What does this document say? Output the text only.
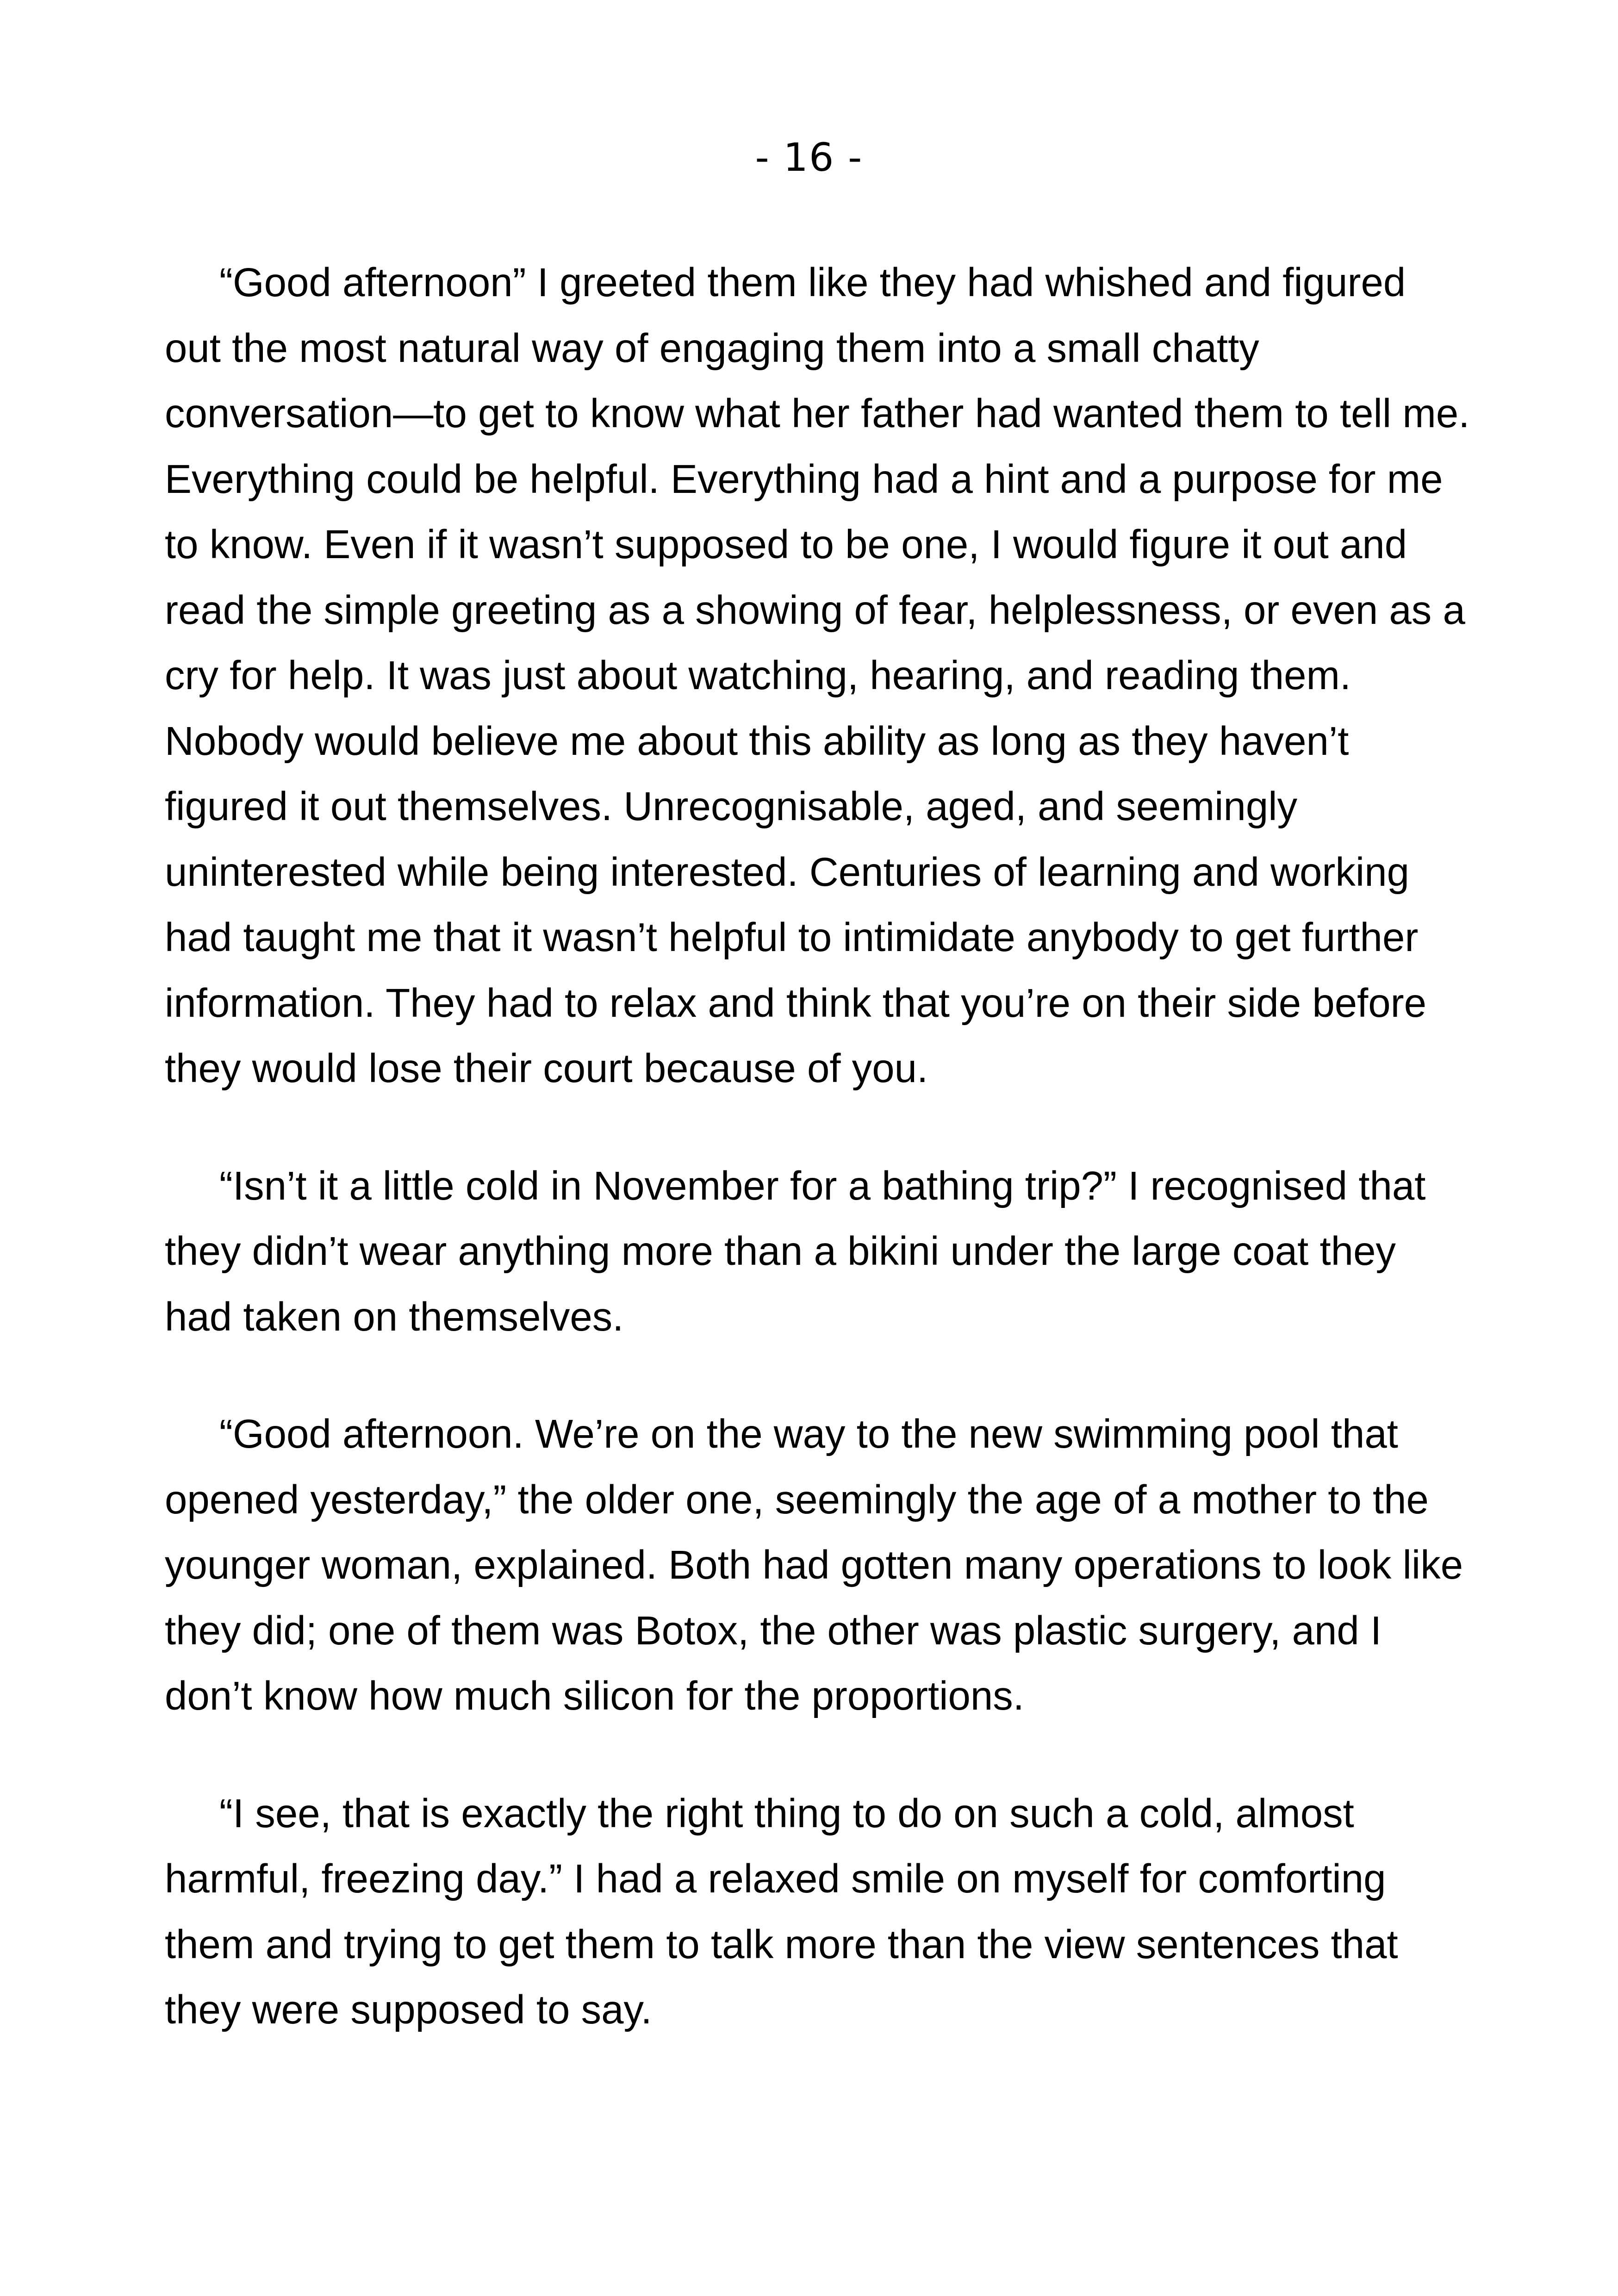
- 16 -

“Good afternoon” I greeted them like they had whished and figured out the most natural way of engaging them into a small chatty conversation—to get to know what her father had wanted them to tell me. Everything could be helpful. Everything had a hint and a purpose for me to know. Even if it wasn’t supposed to be one, I would figure it out and read the simple greeting as a showing of fear, helplessness, or even as a cry for help. It was just about watching, hearing, and reading them. Nobody would believe me about this ability as long as they haven’t figured it out themselves. Unrecognisable, aged, and seemingly uninterested while being interested. Centuries of learning and working had taught me that it wasn’t helpful to intimidate anybody to get further information. They had to relax and think that you’re on their side before they would lose their court because of you.

“Isn’t it a little cold in November for a bathing trip?” I recognised that they didn’t wear anything more than a bikini under the large coat they had taken on themselves.

“Good afternoon. We’re on the way to the new swimming pool that opened yesterday,” the older one, seemingly the age of a mother to the younger woman, explained. Both had gotten many operations to look like they did; one of them was Botox, the other was plastic surgery, and I don’t know how much silicon for the proportions.

“I see, that is exactly the right thing to do on such a cold, almost harmful, freezing day.” I had a relaxed smile on myself for comforting them and trying to get them to talk more than the view sentences that they were supposed to say.
